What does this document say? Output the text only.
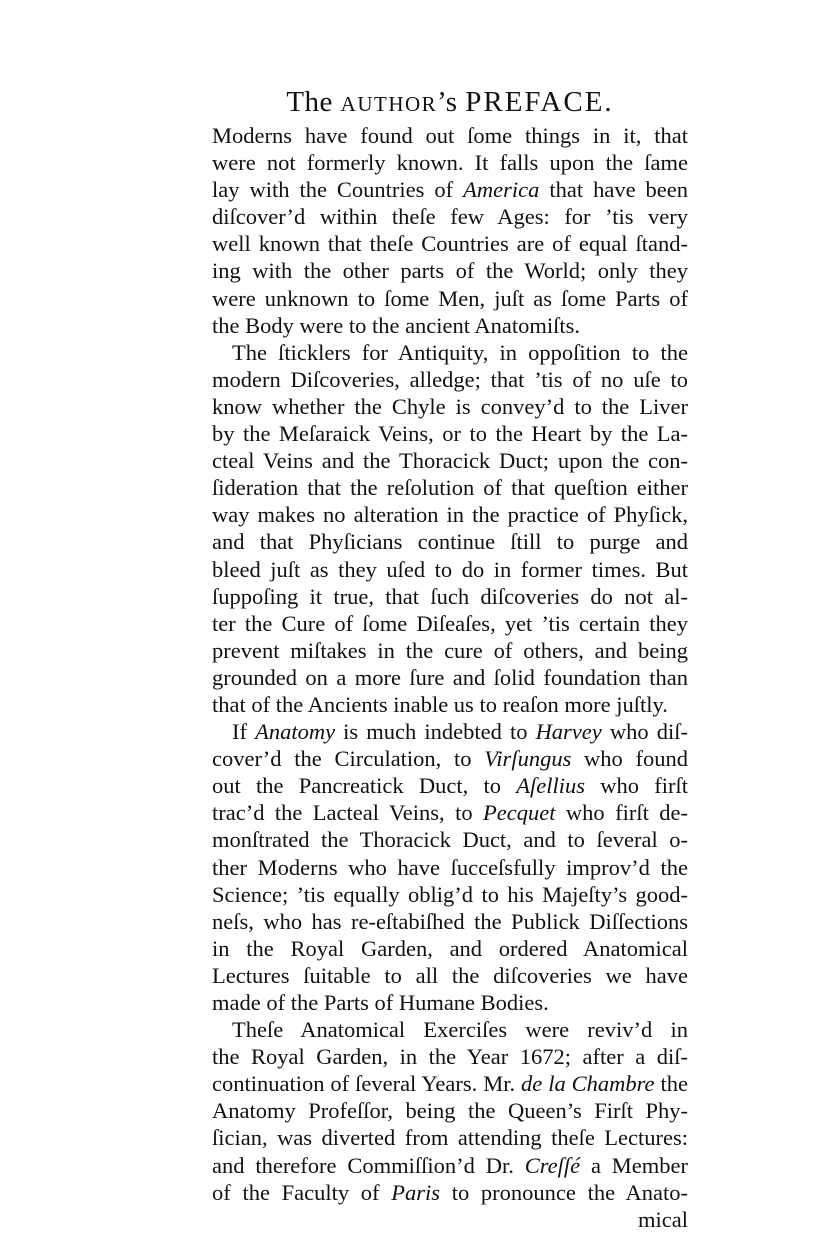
The AUTHOR’s PREFACE.
Moderns have found out ſome things in it, that
were not formerly known. It falls upon the ſame
lay with the Countries of America that have been
diſcover’d within theſe few Ages: for ’tis very
well known that theſe Countries are of equal ſtand-
ing with the other parts of the World; only they
were unknown to ſome Men, juſt as ſome Parts of
the Body were to the ancient Anatomiſts.
The ſticklers for Antiquity, in oppoſition to the
modern Diſcoveries, alledge; that ’tis of no uſe to
know whether the Chyle is convey’d to the Liver
by the Meſaraick Veins, or to the Heart by the La-
cteal Veins and the Thoracick Duct; upon the con-
ſideration that the reſolution of that queſtion either
way makes no alteration in the practice of Phyſick,
and that Phyſicians continue ſtill to purge and
bleed juſt as they uſed to do in former times. But
ſuppoſing it true, that ſuch diſcoveries do not al-
ter the Cure of ſome Diſeaſes, yet ’tis certain they
prevent miſtakes in the cure of others, and being
grounded on a more ſure and ſolid foundation than
that of the Ancients inable us to reaſon more juſtly.
If Anatomy is much indebted to Harvey who diſ-
cover’d the Circulation, to Virſungus who found
out the Pancreatick Duct, to Aſellius who firſt
trac’d the Lacteal Veins, to Pecquet who firſt de-
monſtrated the Thoracick Duct, and to ſeveral o-
ther Moderns who have ſucceſsfully improv’d the
Science; ’tis equally oblig’d to his Majeſty’s good-
neſs, who has re-eſtabiſhed the Publick Diſſections
in the Royal Garden, and ordered Anatomical
Lectures ſuitable to all the diſcoveries we have
made of the Parts of Humane Bodies.
Theſe Anatomical Exerciſes were reviv’d in
the Royal Garden, in the Year 1672; after a diſ-
continuation of ſeveral Years. Mr. de la Chambre the
Anatomy Profeſſor, being the Queen’s Firſt Phy-
ſician, was diverted from attending theſe Lectures:
and therefore Commiſſion’d Dr. Creſſé a Member
of the Faculty of Paris to pronounce the Anato-
mical
